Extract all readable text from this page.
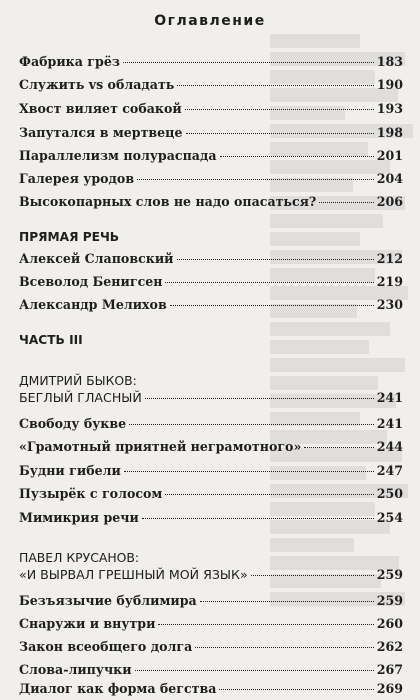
Оглавление
Фабрика грёз	183
Служить vs обладать	190
Хвост виляет собакой	193
Запутался в мертвеце	198
Параллелизм полураспада	201
Галерея уродов	204
Высокопарных слов не надо опасаться?	206
ПРЯМАЯ РЕЧЬ
Алексей Слаповский	212
Всеволод Бенигсен	219
Александр Мелихов	230
ЧАСТЬ III
ДМИТРИЙ БЫКОВ:
БЕГЛЫЙ ГЛАСНЫЙ	241
Свободу букве	241
«Грамотный приятней неграмотного»	244
Будни гибели	247
Пузырёк с голосом	250
Мимикрия речи	254
ПАВЕЛ КРУСАНОВ:
«И ВЫРВАЛ ГРЕШНЫЙ МОЙ ЯЗЫК»	259
Безъязычие бублимира	259
Снаружи и внутри	260
Закон всеобщего долга	262
Слова-липучки	267
Диалог как форма бегства	269
